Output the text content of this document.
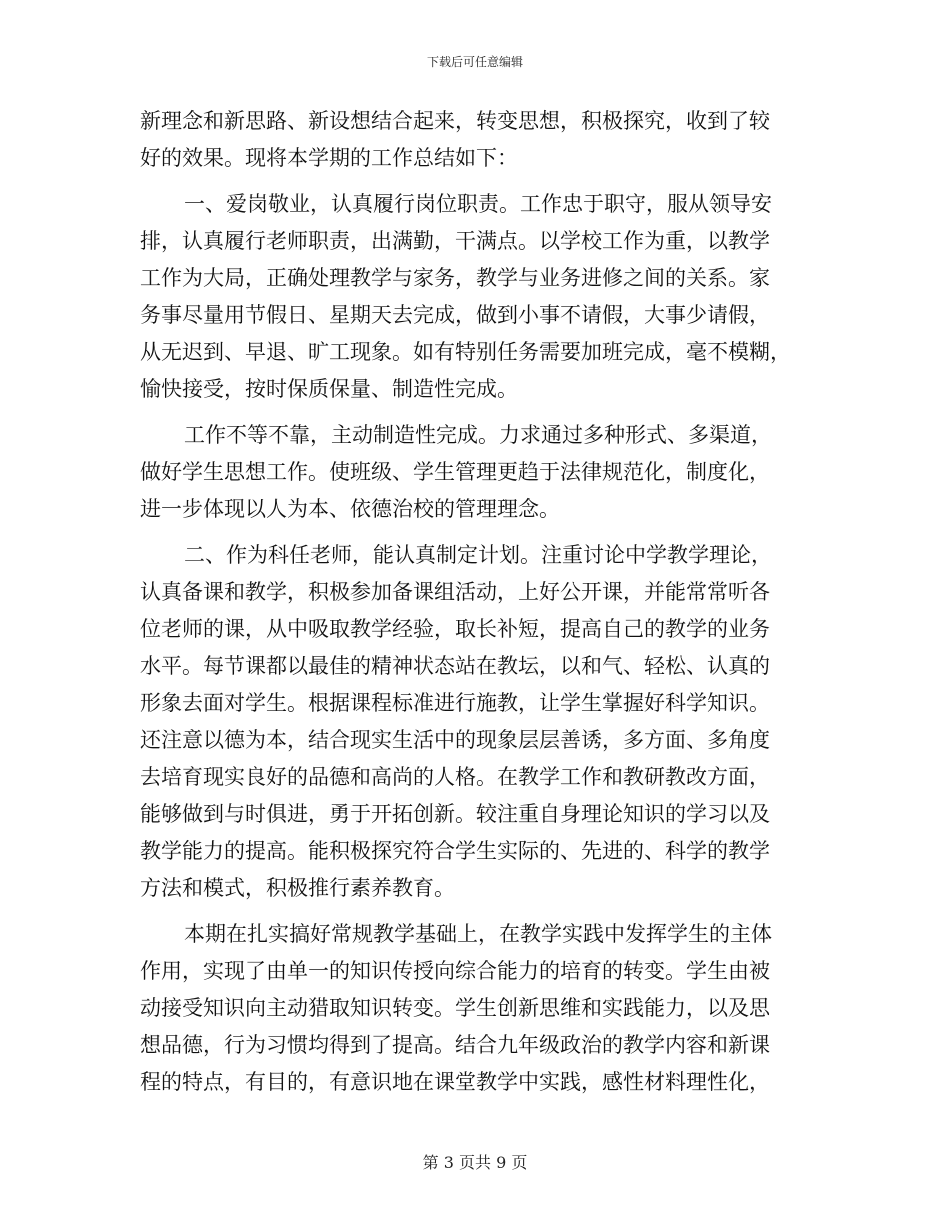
下载后可任意编辑
新理念和新思路、新设想结合起来，转变思想，积极探究，收到了较
好的效果。现将本学期的工作总结如下：
一、爱岗敬业，认真履行岗位职责。工作忠于职守，服从领导安
排，认真履行老师职责，出满勤，干满点。以学校工作为重，以教学
工作为大局，正确处理教学与家务，教学与业务进修之间的关系。家
务事尽量用节假日、星期天去完成，做到小事不请假，大事少请假，
从无迟到、早退、旷工现象。如有特别任务需要加班完成，毫不模糊，
愉快接受，按时保质保量、制造性完成。
工作不等不靠，主动制造性完成。力求通过多种形式、多渠道，
做好学生思想工作。使班级、学生管理更趋于法律规范化，制度化，
进一步体现以人为本、依德治校的管理理念。
二、作为科任老师，能认真制定计划。注重讨论中学教学理论，
认真备课和教学，积极参加备课组活动，上好公开课，并能常常听各
位老师的课，从中吸取教学经验，取长补短，提高自己的教学的业务
水平。每节课都以最佳的精神状态站在教坛，以和气、轻松、认真的
形象去面对学生。根据课程标准进行施教，让学生掌握好科学知识。
还注意以德为本，结合现实生活中的现象层层善诱，多方面、多角度
去培育现实良好的品德和高尚的人格。在教学工作和教研教改方面，
能够做到与时俱进，勇于开拓创新。较注重自身理论知识的学习以及
教学能力的提高。能积极探究符合学生实际的、先进的、科学的教学
方法和模式，积极推行素养教育。
本期在扎实搞好常规教学基础上，在教学实践中发挥学生的主体
作用，实现了由单一的知识传授向综合能力的培育的转变。学生由被
动接受知识向主动猎取知识转变。学生创新思维和实践能力，以及思
想品德，行为习惯均得到了提高。结合九年级政治的教学内容和新课
程的特点，有目的，有意识地在课堂教学中实践，感性材料理性化，
第 3 页共 9 页
